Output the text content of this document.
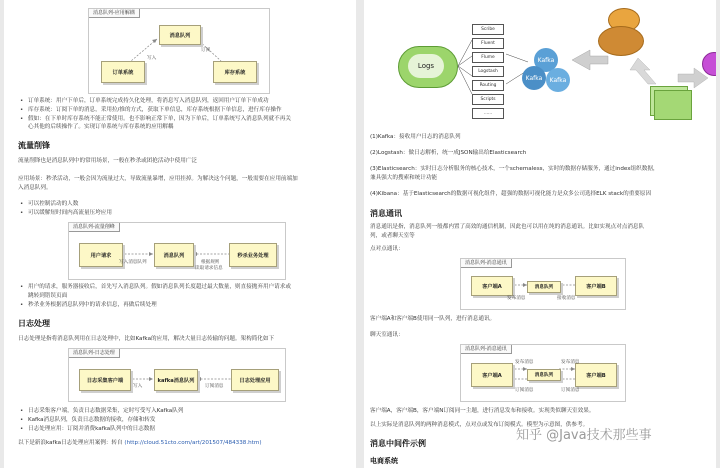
消息队列-应用解耦
消息队列
订单系统	库存系统
写入
订阅
• 订单系统：用户下单后，订单系统完成持久化处理，将消息写入消息队列，返回用户订单下单成功
• 库存系统：订阅下单的消息，采用拉/推的方式，获取下单信息，库存系统根据下单信息，进行库存操作
• 假如：在下单时库存系统不能正常使用。也不影响正常下单，因为下单后，订单系统写入消息队列就不再关
心其他的后续操作了。实现订单系统与库存系统的应用解耦
流量削锋
流量削锋也是消息队列中的常用场景，一般在秒杀或团抢活动中使用广泛
应用场景：秒杀活动，一般会因为流量过大，导致流量暴增，应用挂掉。为解决这个问题，一般需要在应用前端加
入消息队列。
• 可以控制活动的人数
• 可以缓解短时间内高流量压垮应用
消息队列-流量削峰
用户请求	消息队列	秒杀业务处理
写入消息队列	根据规则
读取请求信息
• 用户的请求，服务器接收后，首先写入消息队列。假如消息队列长度超过最大数量，则直接抛弃用户请求或
跳转到错误页面
• 秒杀业务根据消息队列中的请求信息，再做后续处理
日志处理
日志处理是指将消息队列用在日志处理中，比如Kafka的应用，解决大量日志传输的问题。架构简化如下
消息队列-日志处理
日志采集客户端	kafka消息队列	日志处理应用
写入	订阅消息
• 日志采集客户端，负责日志数据采集，定时写受写入Kafka队列
• Kafka消息队列，负责日志数据的接收，存储和转发
• 日志处理应用：订阅并消费kafka队列中的日志数据
以下是新浪kafka日志处理应用案例：转自 (http://cloud.51cto.com/art/201507/484338.htm)
Logs
Scribe
Fluent
Flume
Logstash
Routing
Scripts
......
Kafka
Kafka	Kafka
(1)Kafka：接收用户日志的消息队列
(2)Logstash：做日志解析，统一成JSON输出给Elasticsearch
(3)Elasticsearch：实时日志分析服务的核心技术，一个schemaless，实时的数据存储服务，通过index组织数据，
兼具强大的搜索和统计功能
(4)Kibana：基于Elasticsearch的数据可视化组件，超强的数据可视化能力是众多公司选择ELK stack的重要原因
消息通讯
消息通讯是指，消息队列一般都内置了高效的通信机制，因此也可以用在纯的消息通讯。比如实现点对点消息队
列，或者聊天室等
点对点通讯：
消息队列-消息通讯
客户端A	消息队列	客户端B
发布消息	接收消息
客户端A和客户端B使用同一队列，进行消息通讯。
聊天室通讯：
消息队列-消息通讯
客户端A	消息队列	客户端B
发布消息
订阅消息
发布消息
订阅消息
客户端A，客户端B，客户端N订阅同一主题，进行消息发布和接收。实现类似聊天室效果。
以上实际是消息队列的两种消息模式，点对点或发布订阅模式。模型为示意图，供参考。
消息中间件示例
电商系统
知乎 @Java技术那些事
